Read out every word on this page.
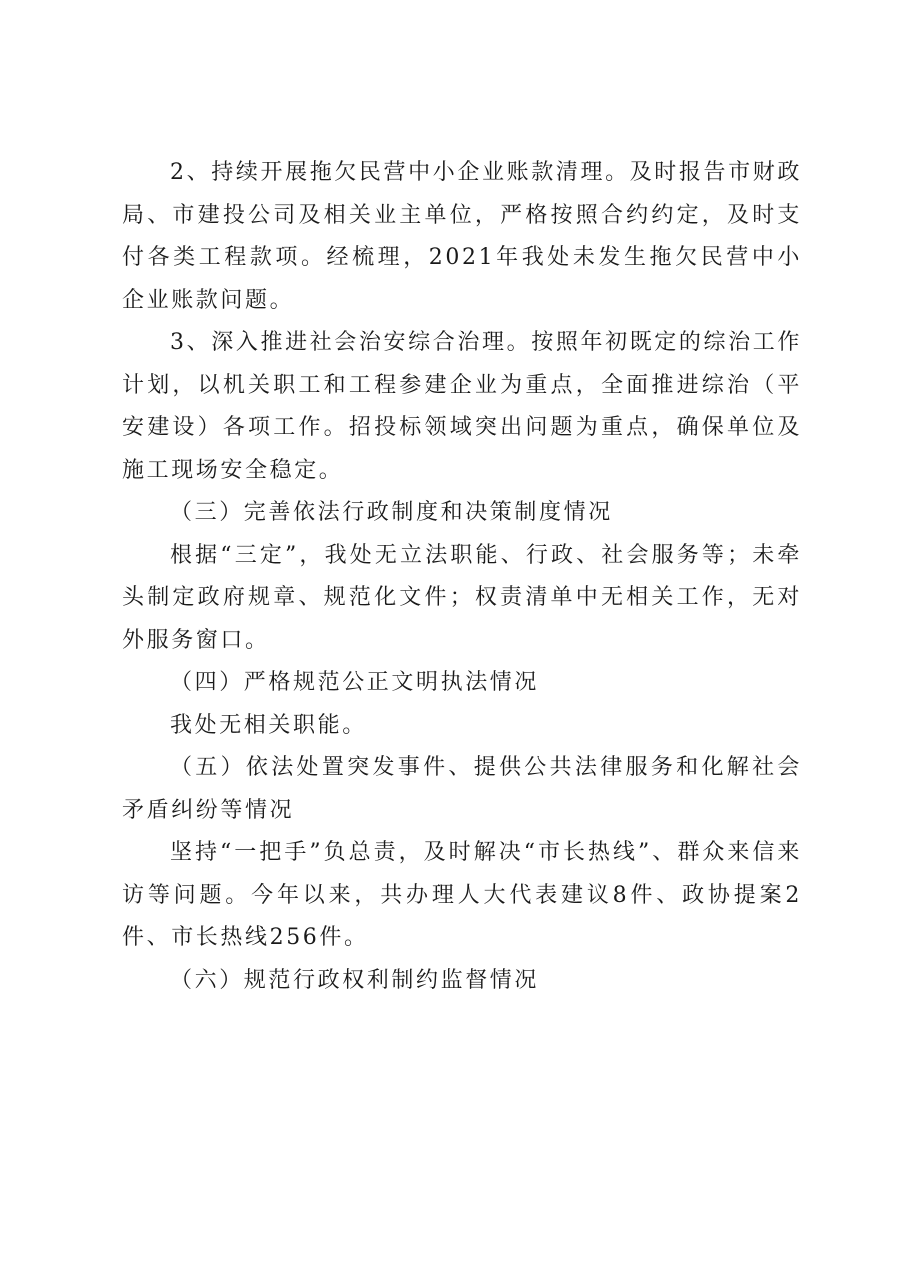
2、持续开展拖欠民营中小企业账款清理。及时报告市财政局、市建投公司及相关业主单位，严格按照合约约定，及时支付各类工程款项。经梳理，2021年我处未发生拖欠民营中小企业账款问题。

3、深入推进社会治安综合治理。按照年初既定的综治工作计划，以机关职工和工程参建企业为重点，全面推进综治（平安建设）各项工作。招投标领域突出问题为重点，确保单位及施工现场安全稳定。

（三）完善依法行政制度和决策制度情况

根据“三定”，我处无立法职能、行政、社会服务等；未牵头制定政府规章、规范化文件；权责清单中无相关工作，无对外服务窗口。

（四）严格规范公正文明执法情况

我处无相关职能。

（五）依法处置突发事件、提供公共法律服务和化解社会矛盾纠纷等情况

坚持“一把手”负总责，及时解决“市长热线”、群众来信来访等问题。今年以来，共办理人大代表建议8件、政协提案2件、市长热线256件。

（六）规范行政权利制约监督情况
